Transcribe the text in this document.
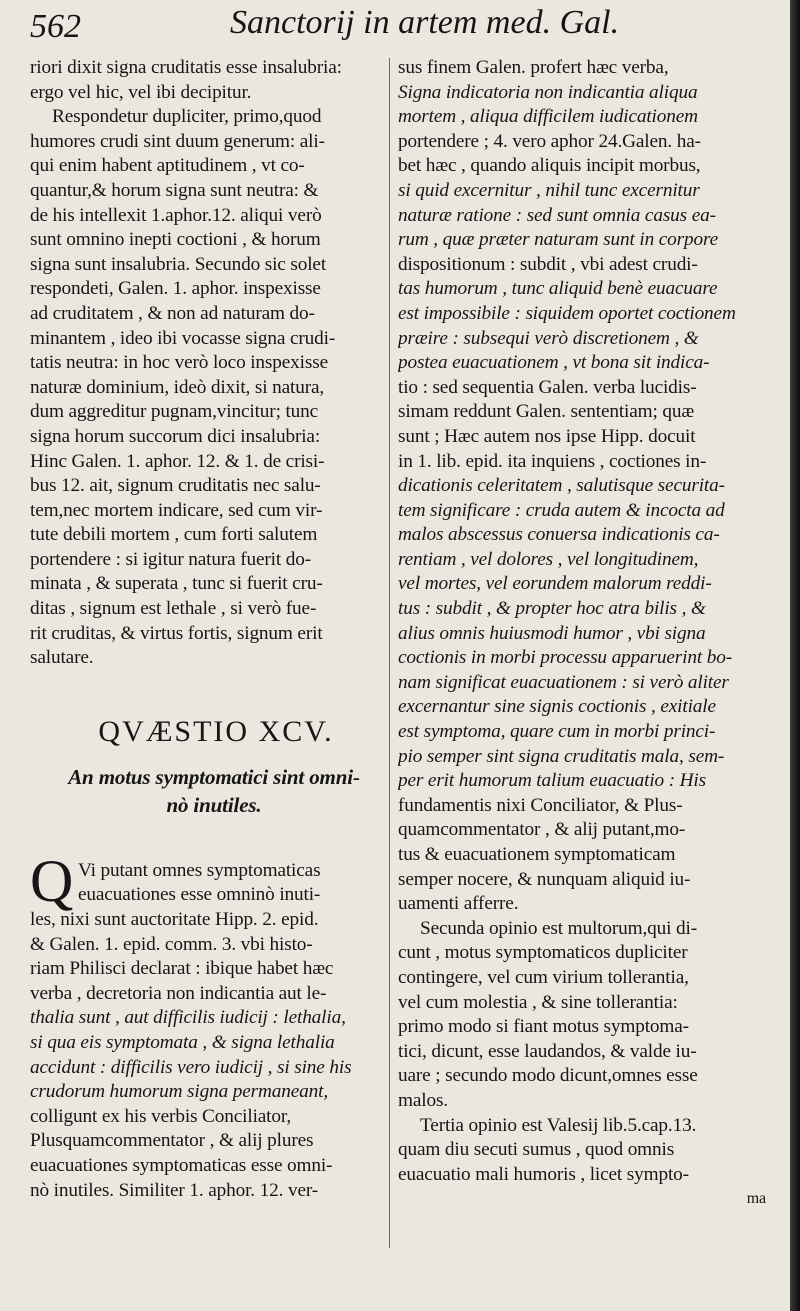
562	Sanctorij in artem med. Gal.
riori dixit signa cruditatis esse insalubria:
ergo vel hic, vel ibi decipitur.
Respondetur dupliciter, primo,quod
humores crudi sint duum generum: ali-
qui enim habent aptitudinem , vt co-
quantur,& horum signa sunt neutra: &
de his intellexit 1.aphor.12. aliqui verò
sunt omnino inepti coctioni , & horum
signa sunt insalubria. Secundo sic solet
respondeti, Galen. 1. aphor. inspexisse
ad cruditatem , & non ad naturam do-
minantem , ideo ibi vocasse signa crudi-
tatis neutra: in hoc verò loco inspexisse
naturæ dominium, ideò dixit, si natura,
dum aggreditur pugnam,vincitur; tunc
signa horum succorum dici insalubria:
Hinc Galen. 1. aphor. 12. & 1. de crisi-
bus 12. ait, signum cruditatis nec salu-
tem,nec mortem indicare, sed cum vir-
tute debili mortem , cum forti salutem
portendere : si igitur natura fuerit do-
minata , & superata , tunc si fuerit cru-
ditas , signum est lethale , si verò fue-
rit cruditas, & virtus fortis, signum erit
salutare.
QVÆSTIO XCV.
An motus symptomatici sint omni-
nò inutiles.
Q Vi putant omnes symptomaticas
euacuationes esse omninò inuti-
les, nixi sunt auctoritate Hipp. 2. epid.
& Galen. 1. epid. comm. 3. vbi histo-
riam Philisci declarat : ibique habet hæc
verba , decretoria non indicantia aut le-
thalia sunt , aut difficilis iudicij : lethalia,
si qua eis symptomata , & signa lethalia
accidunt : difficilis vero iudicij , si sine his
crudorum humorum signa permaneant,
colligunt ex his verbis Conciliator,
Plusquamcommentator , & alij plures
euacuationes symptomaticas esse omni-
nò inutiles. Similiter 1. aphor. 12. ver-
sus finem Galen. profert hæc verba,
Signa indicatoria non indicantia aliqua
mortem , aliqua difficilem iudicationem
portendere ; 4. vero aphor 24.Galen. ha-
bet hæc , quando aliquis incipit morbus,
si quid excernitur , nihil tunc excernitur
naturæ ratione : sed sunt omnia casus ea-
rum , quæ præter naturam sunt in corpore
dispositionum : subdit , vbi adest crudi-
tas humorum , tunc aliquid benè euacuare
est impossibile : siquidem oportet coctionem
præire : subsequi verò discretionem , &
postea euacuationem , vt bona sit indica-
tio : sed sequentia Galen. verba lucidis-
simam reddunt Galen. sententiam; quæ
sunt ; Hæc autem nos ipse Hipp. docuit
in 1. lib. epid. ita inquiens , coctiones in-
dicationis celeritatem , salutisque securita-
tem significare : cruda autem & incocta ad
malos abscessus conuersa indicationis ca-
rentiam , vel dolores , vel longitudinem,
vel mortes, vel eorundem malorum reddi-
tus : subdit , & propter hoc atra bilis , &
alius omnis huiusmodi humor , vbi signa
coctionis in morbi processu apparuerint bo-
nam significat euacuationem : si verò aliter
excernantur sine signis coctionis , exitiale
est symptoma, quare cum in morbi princi-
pio semper sint signa cruditatis mala, sem-
per erit humorum talium euacuatio : His
fundamentis nixi Conciliator, & Plus-
quamcommentator , & alij putant,mo-
tus & euacuationem symptomaticam
semper nocere, & nunquam aliquid iu-
uamenti afferre.
Secunda opinio est multorum,qui di-
cunt , motus symptomaticos dupliciter
contingere, vel cum virium tollerantia,
vel cum molestia , & sine tollerantia:
primo modo si fiant motus symptoma-
tici, dicunt, esse laudandos, & valde iu-
uare ; secundo modo dicunt,omnes esse
malos.
Tertia opinio est Valesij lib.5.cap.13.
quam diu secuti sumus , quod omnis
euacuatio mali humoris , licet sympto-
ma
